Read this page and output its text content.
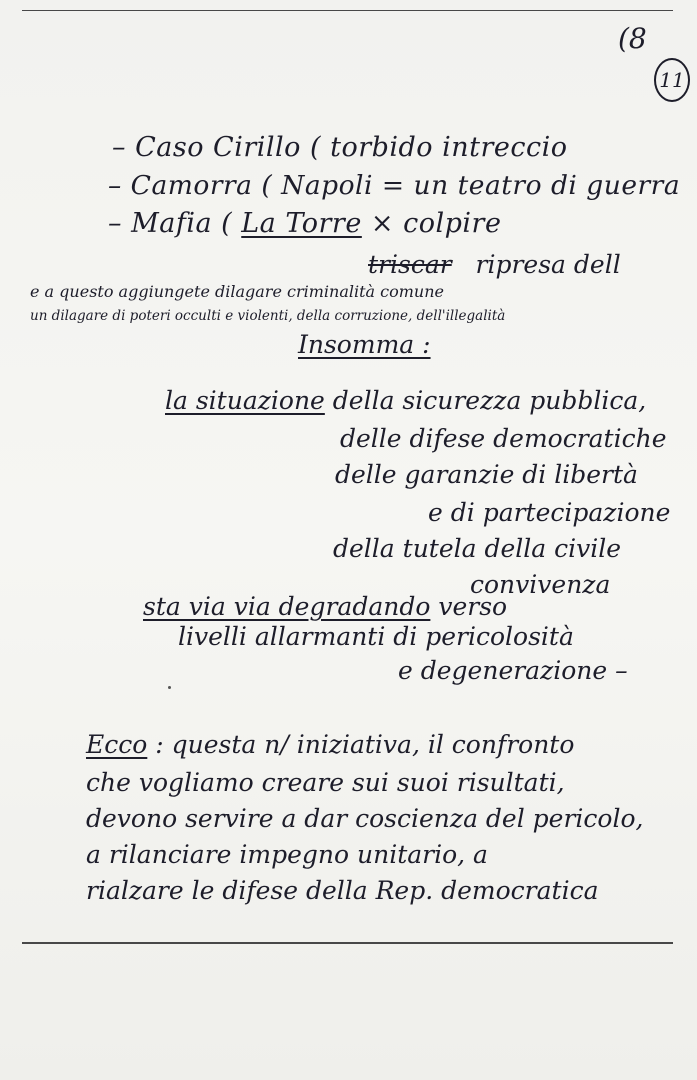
(8
11
– Caso Cirillo ( torbido intreccio
– Camorra ( Napoli = un teatro di guerra
– Mafia ( La Torre × colpire
triscar ripresa dell
e a questo aggiungete dilagare criminalità comune
un dilagare di poteri occulti e violenti, della corruzione, dell'illegalità
Insomma :
la situazione della sicurezza pubblica,
delle difese democratiche
delle garanzie di libertà
e di partecipazione
della tutela della civile
convivenza
sta via via degradando verso
livelli allarmanti di pericolosità
e degenerazione –
Ecco : questa n/ iniziativa, il confronto
che vogliamo creare sui suoi risultati,
devono servire a dar coscienza del pericolo,
a rilanciare impegno unitario, a
rialzare le difese della Rep. democratica
